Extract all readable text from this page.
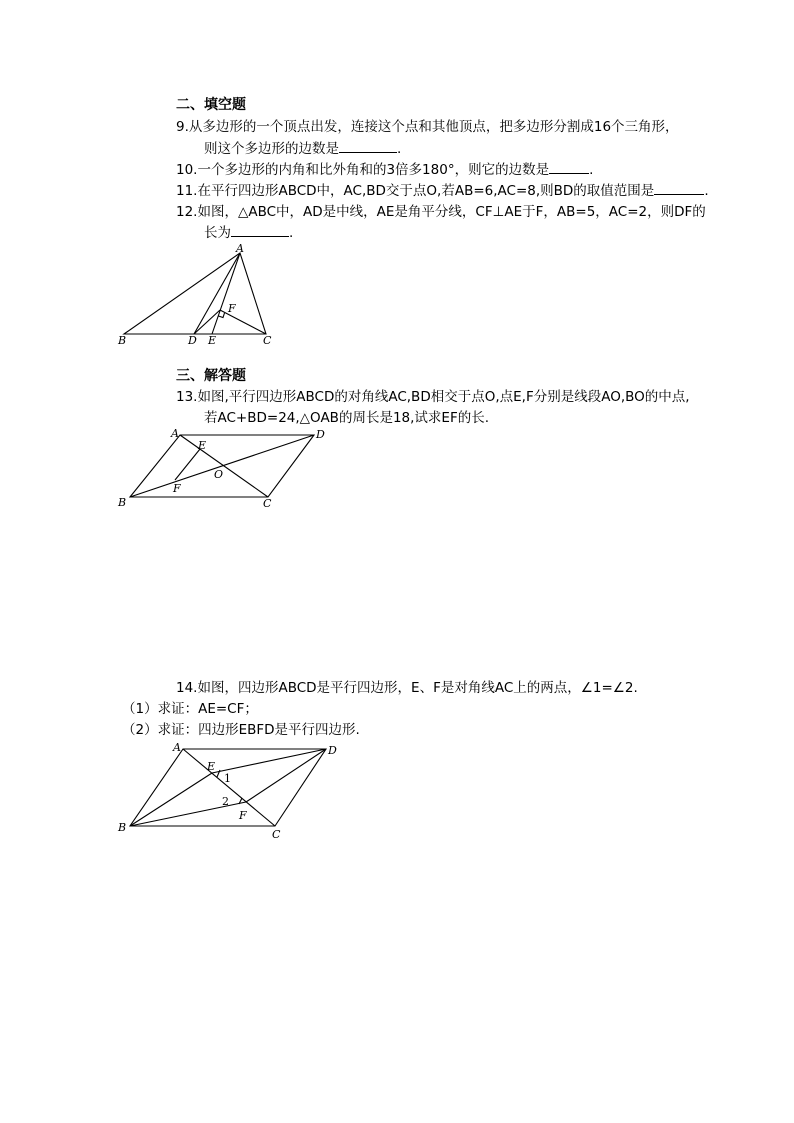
二、填空题
9.从多边形的一个顶点出发，连接这个点和其他顶点，把多边形分割成16个三角形，
则这个多边形的边数是	.
10.一个多边形的内角和比外角和的3倍多180°，则它的边数是	.
11.在平行四边形ABCD中，AC,BD交于点O,若AB=6,AC=8,则BD的取值范围是	.
12.如图，△ABC中，AD是中线，AE是角平分线，CF⊥AE于F，AB=5，AC=2，则DF的
长为	.
A
B	C
D E
F
三、解答题
13.如图,平行四边形ABCD的对角线AC,BD相交于点O,点E,F分别是线段AO,BO的中点,
若AC+BD=24,△OAB的周长是18,试求EF的长.
A	D
B	C
E
F
O
14.如图，四边形ABCD是平行四边形，E、F是对角线AC上的两点，∠1=∠2.
（1）求证：AE=CF；
（2）求证：四边形EBFD是平行四边形.
A	D
B
C
E
F
1
2
